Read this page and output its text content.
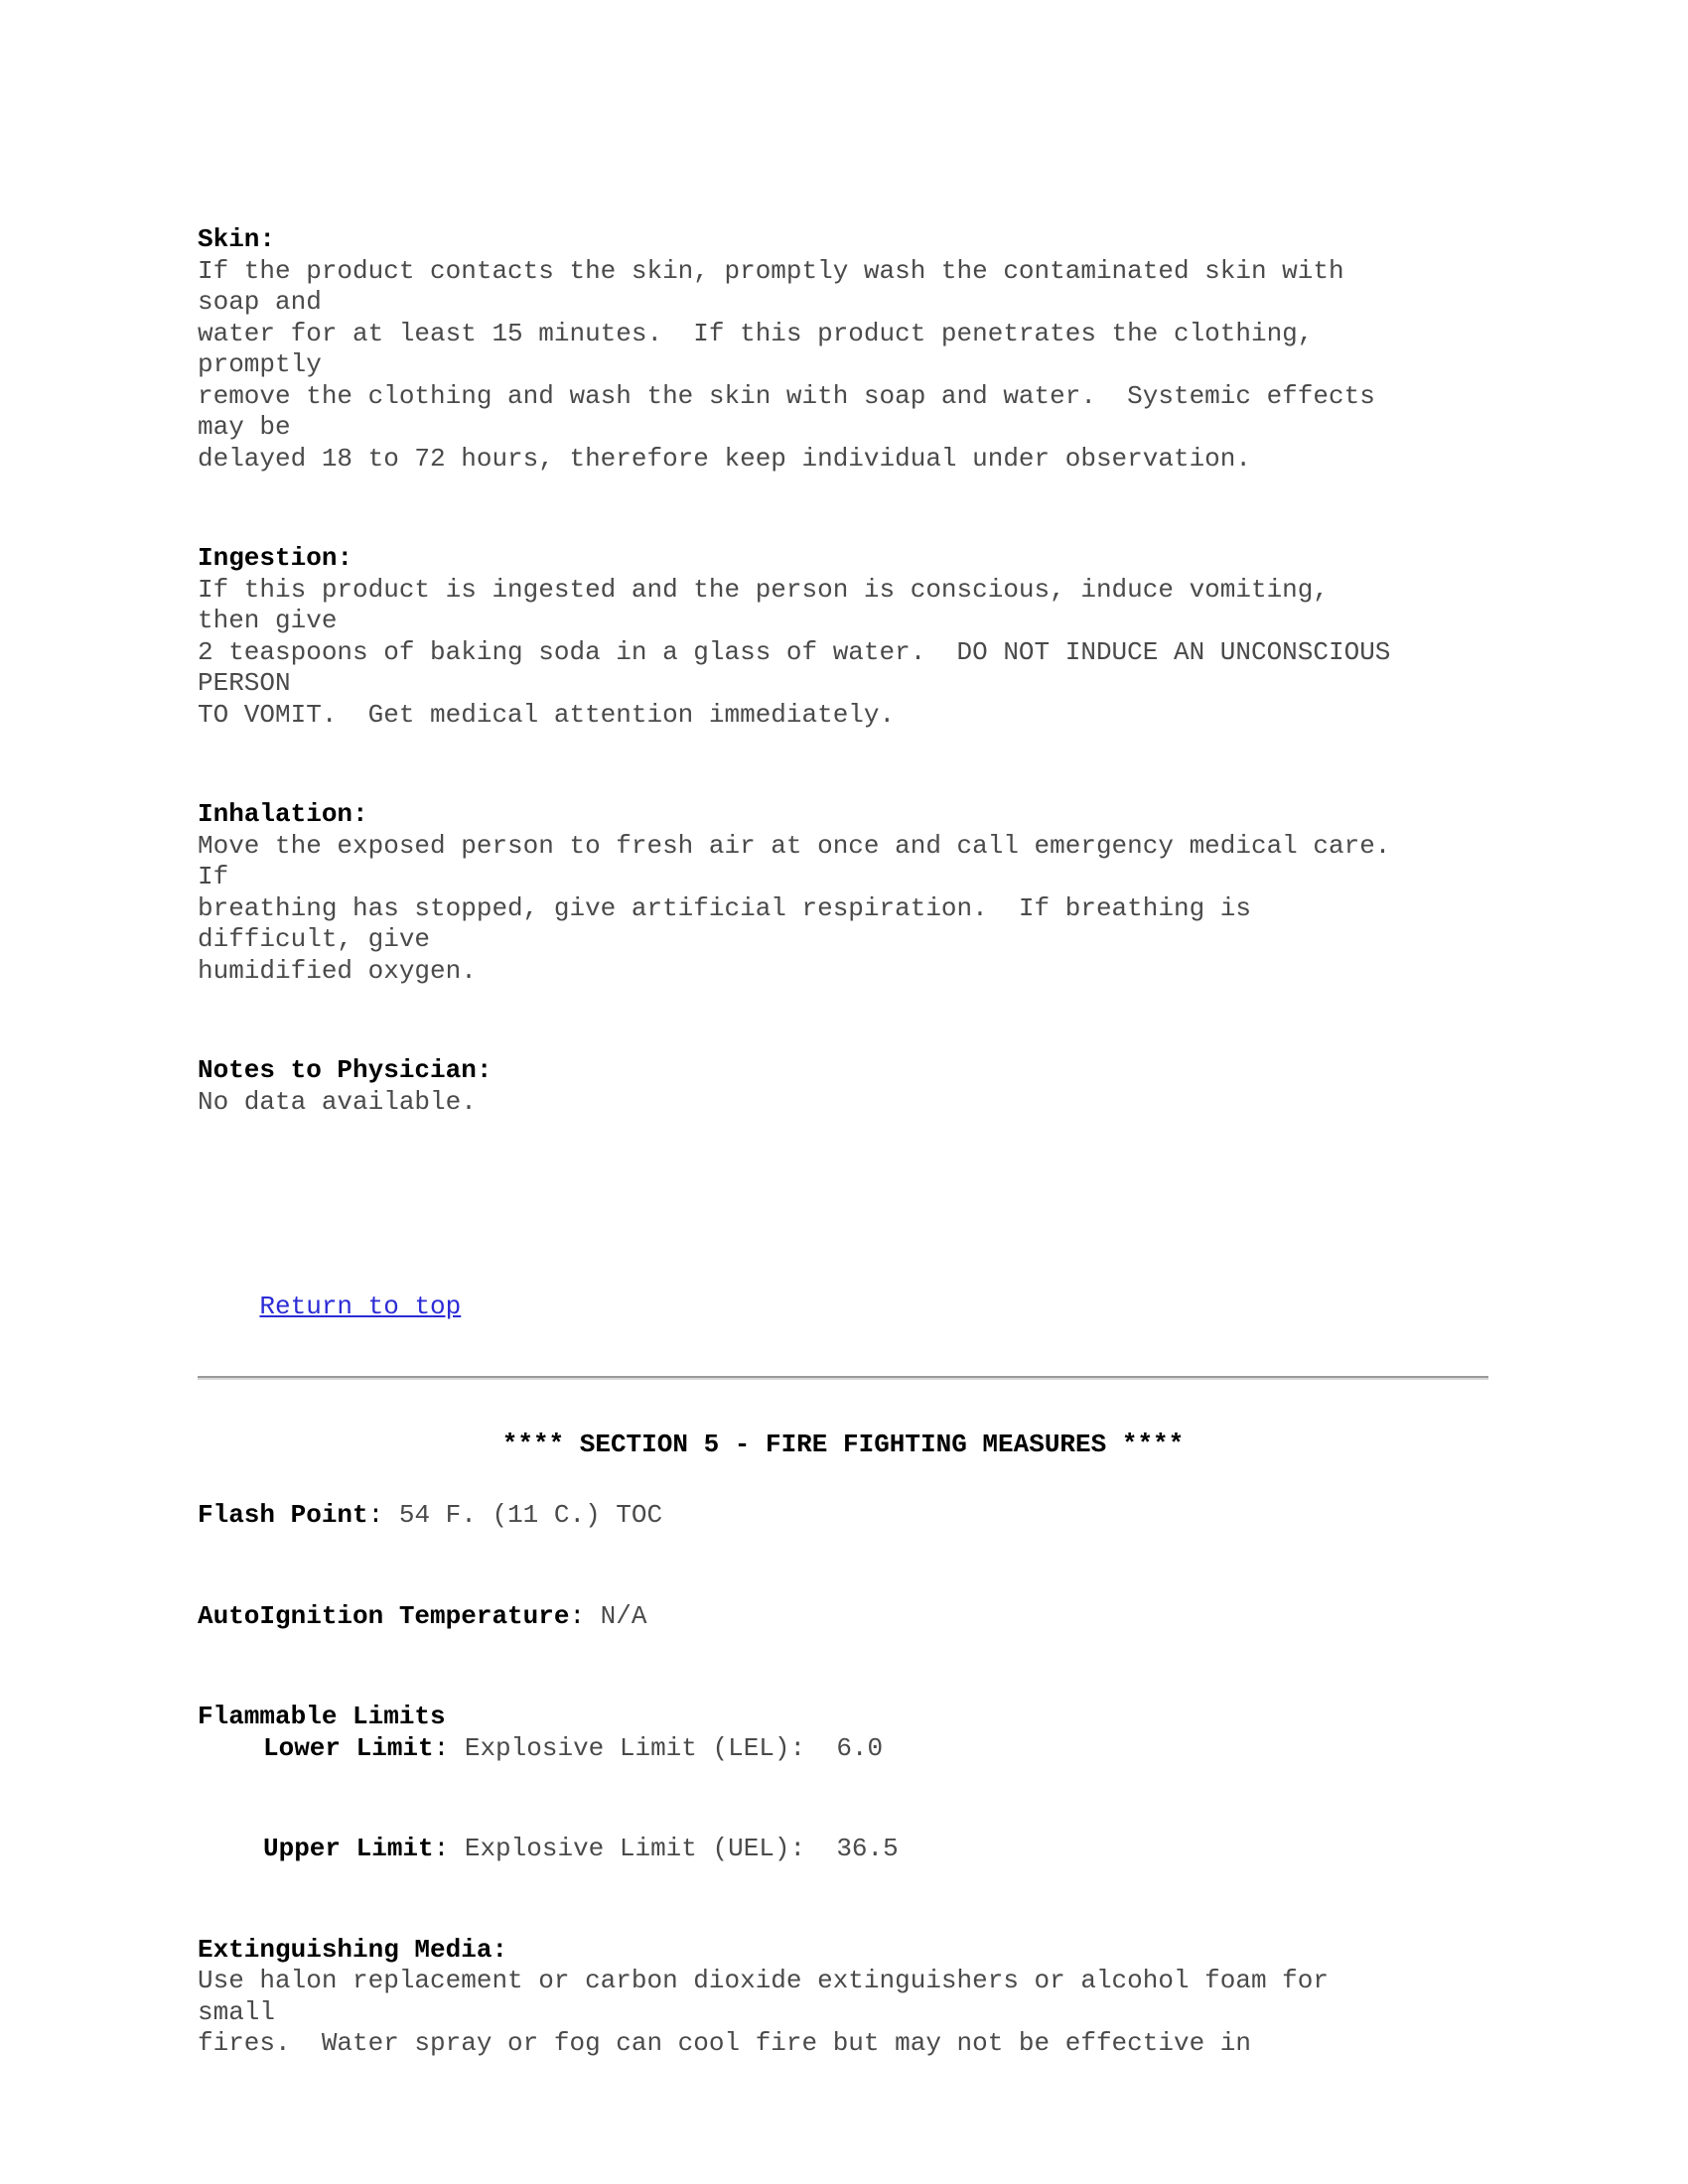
Skin:
If the product contacts the skin, promptly wash the contaminated skin with
soap and
water for at least 15 minutes.  If this product penetrates the clothing,
promptly
remove the clothing and wash the skin with soap and water.  Systemic effects
may be
delayed 18 to 72 hours, therefore keep individual under observation.
Ingestion:
If this product is ingested and the person is conscious, induce vomiting,
then give
2 teaspoons of baking soda in a glass of water.  DO NOT INDUCE AN UNCONSCIOUS
PERSON
TO VOMIT.  Get medical attention immediately.
Inhalation:
Move the exposed person to fresh air at once and call emergency medical care.
If
breathing has stopped, give artificial respiration.  If breathing is
difficult, give
humidified oxygen.
Notes to Physician:
No data available.

Return to top

**** SECTION 5 - FIRE FIGHTING MEASURES ****
Flash Point: 54 F. (11 C.) TOC
AutoIgnition Temperature: N/A
Flammable Limits
Lower Limit: Explosive Limit (LEL):  6.0
Upper Limit: Explosive Limit (UEL):  36.5
Extinguishing Media:
Use halon replacement or carbon dioxide extinguishers or alcohol foam for
small
fires.  Water spray or fog can cool fire but may not be effective in
